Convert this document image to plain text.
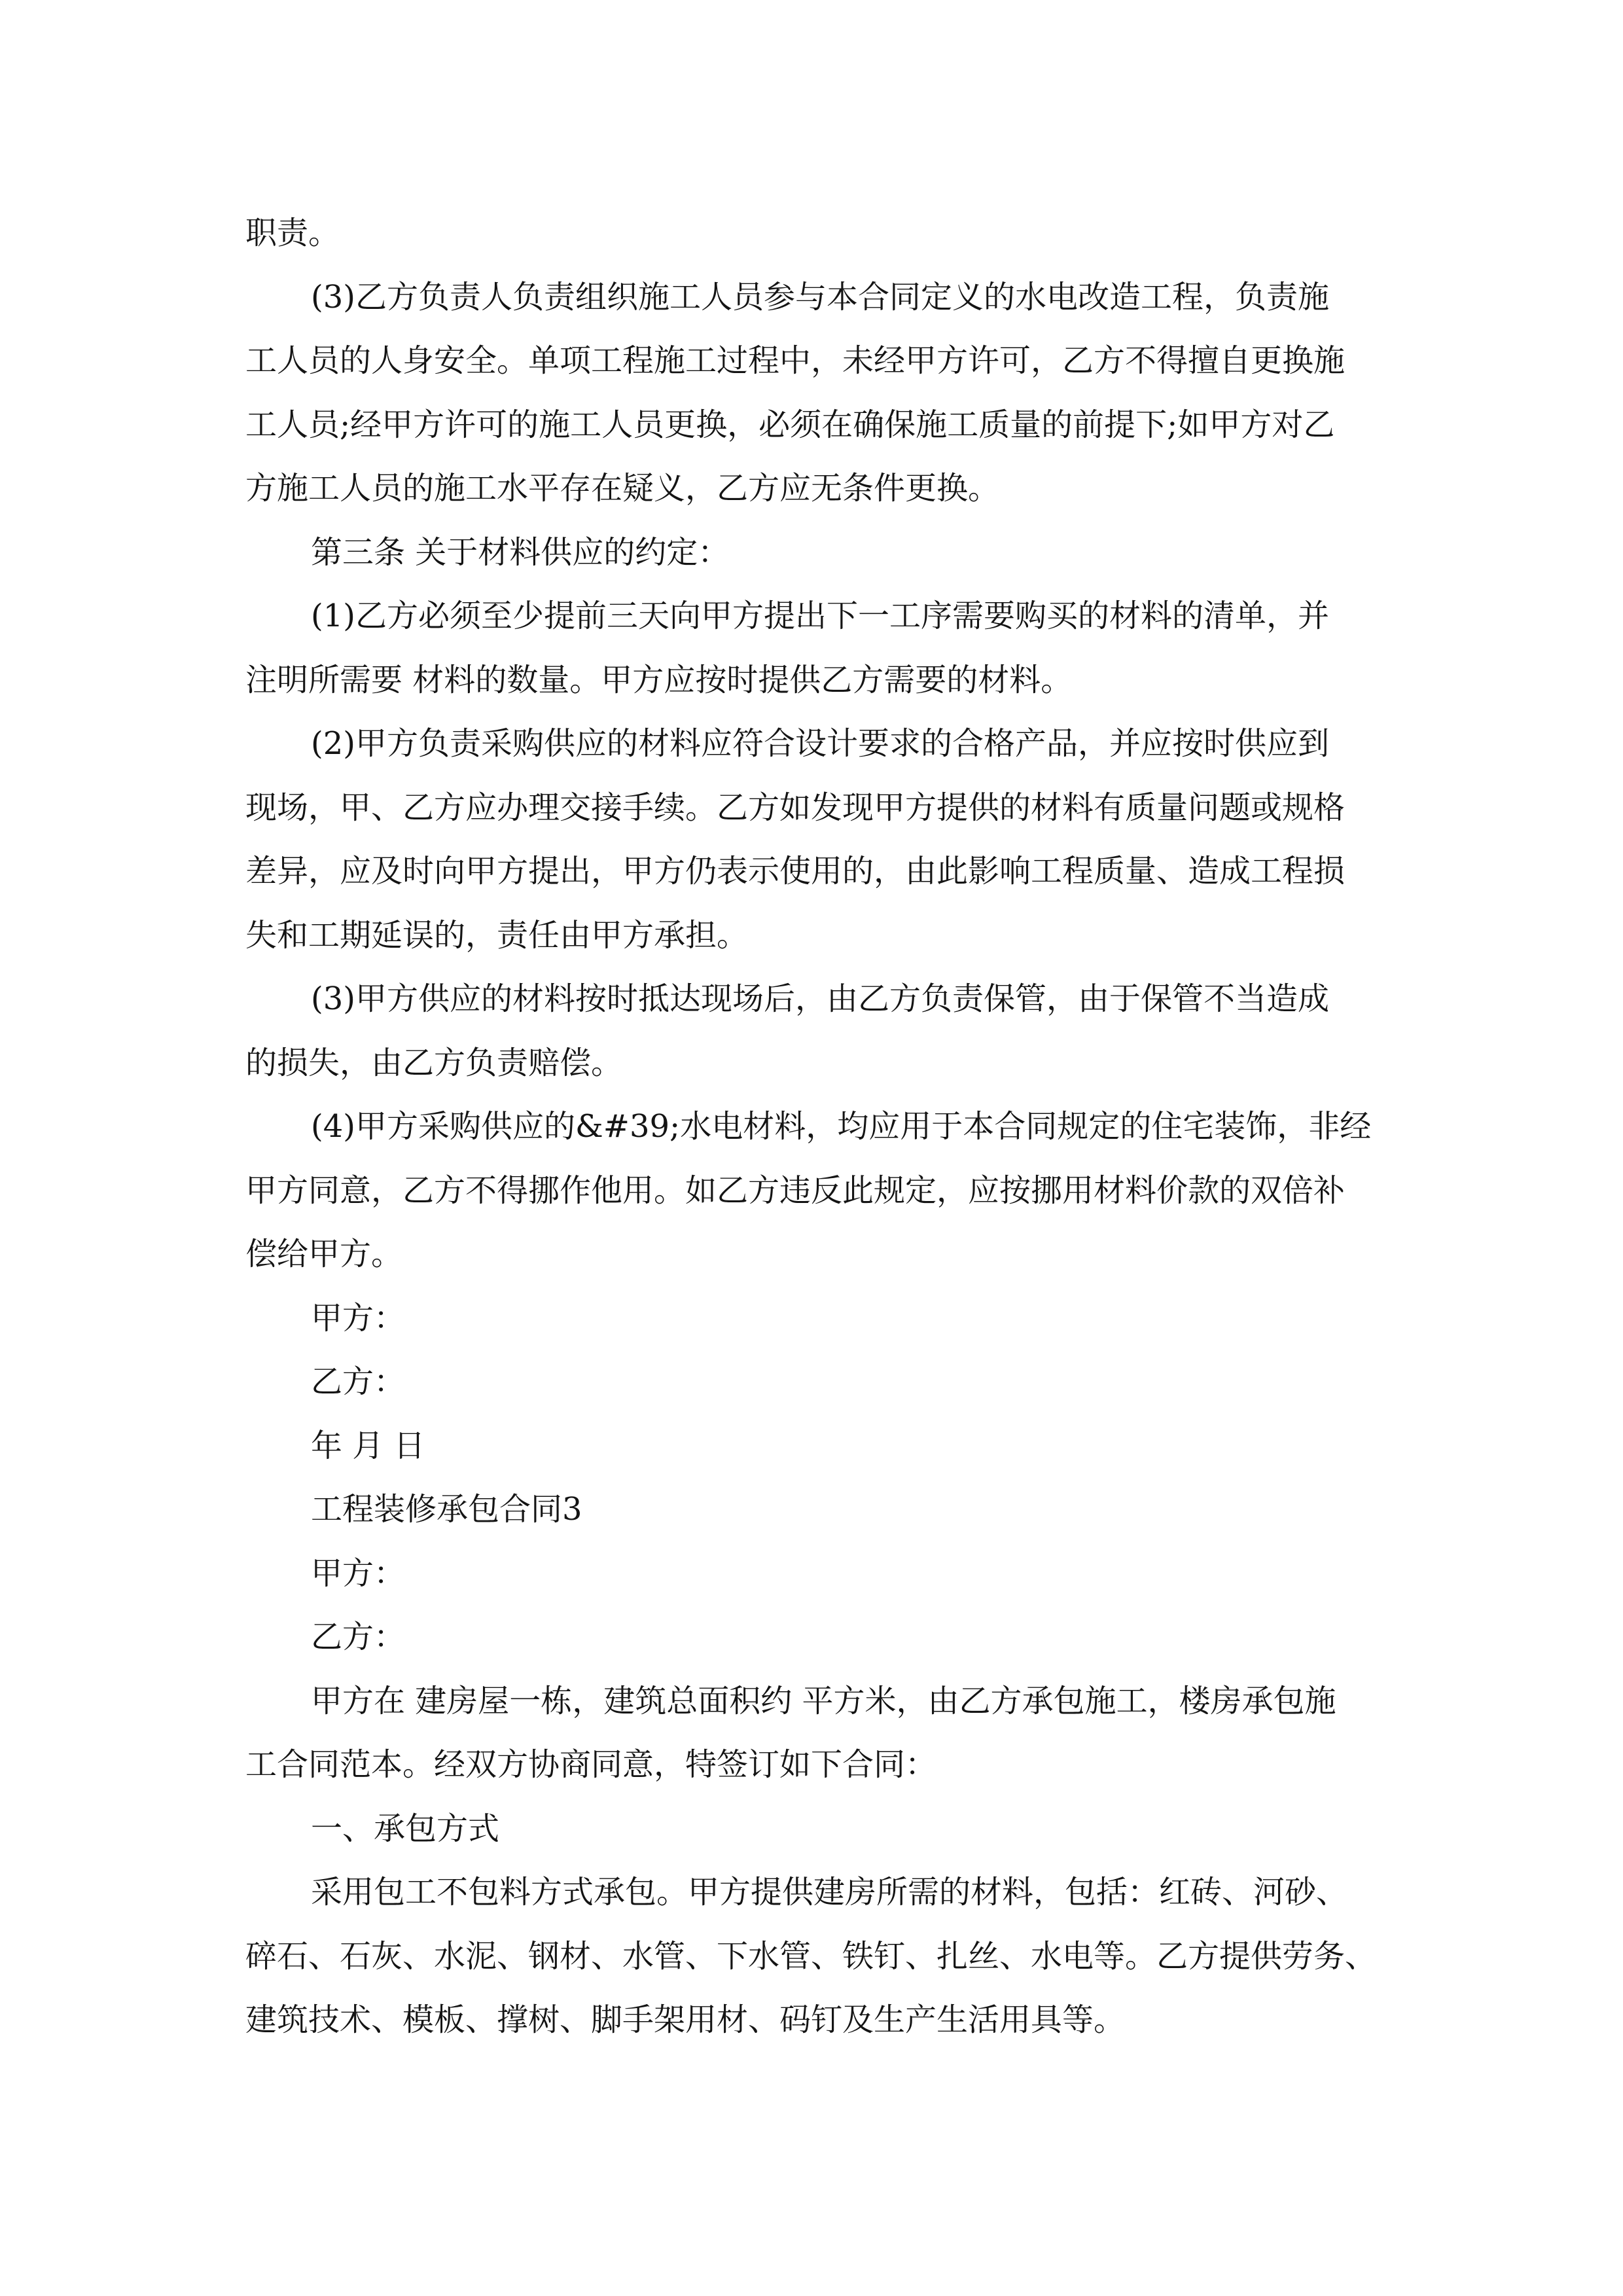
职责。
(3)乙方负责人负责组织施工人员参与本合同定义的水电改造工程，负责施
工人员的人身安全。单项工程施工过程中，未经甲方许可，乙方不得擅自更换施
工人员;经甲方许可的施工人员更换，必须在确保施工质量的前提下;如甲方对乙
方施工人员的施工水平存在疑义，乙方应无条件更换。
第三条 关于材料供应的约定：
(1)乙方必须至少提前三天向甲方提出下一工序需要购买的材料的清单，并
注明所需要 材料的数量。甲方应按时提供乙方需要的材料。
(2)甲方负责采购供应的材料应符合设计要求的合格产品，并应按时供应到
现场，甲、乙方应办理交接手续。乙方如发现甲方提供的材料有质量问题或规格
差异，应及时向甲方提出，甲方仍表示使用的，由此影响工程质量、造成工程损
失和工期延误的，责任由甲方承担。
(3)甲方供应的材料按时抵达现场后，由乙方负责保管，由于保管不当造成
的损失，由乙方负责赔偿。
(4)甲方采购供应的&#39;水电材料，均应用于本合同规定的住宅装饰，非经
甲方同意，乙方不得挪作他用。如乙方违反此规定，应按挪用材料价款的双倍补
偿给甲方。
甲方：
乙方：
年 月 日
工程装修承包合同3
甲方：
乙方：
甲方在 建房屋一栋，建筑总面积约 平方米，由乙方承包施工，楼房承包施
工合同范本。经双方协商同意，特签订如下合同：
一、承包方式
采用包工不包料方式承包。甲方提供建房所需的材料，包括：红砖、河砂、
碎石、石灰、水泥、钢材、水管、下水管、铁钉、扎丝、水电等。乙方提供劳务、
建筑技术、模板、撑树、脚手架用材、码钉及生产生活用具等。
